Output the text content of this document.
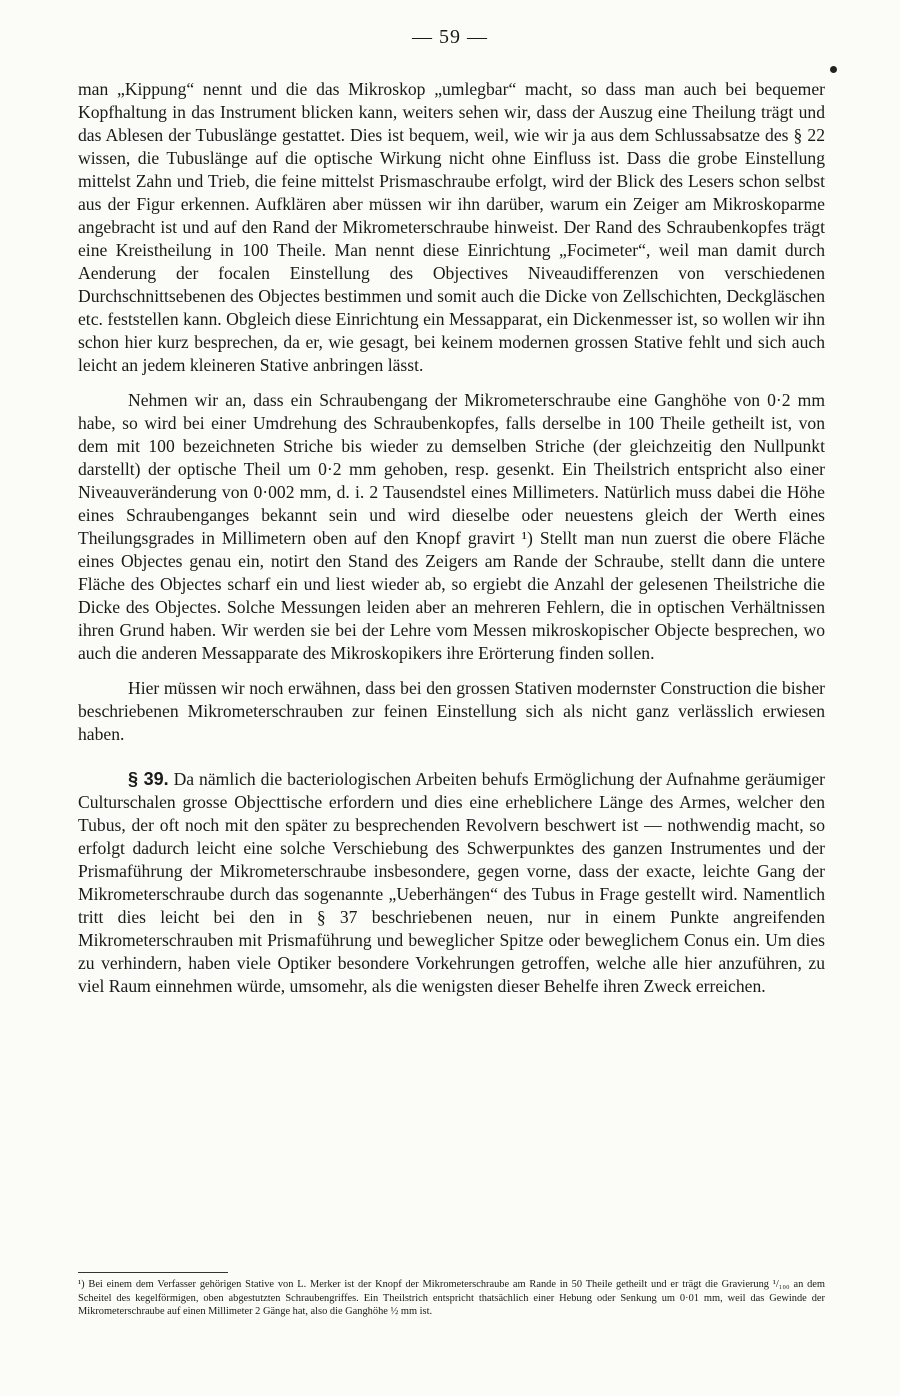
— 59 —

man „Kippung“ nennt und die das Mikroskop „umlegbar“ macht, so dass man auch bei bequemer Kopfhaltung in das Instrument blicken kann, weiters sehen wir, dass der Auszug eine Theilung trägt und das Ablesen der Tubuslänge gestattet. Dies ist bequem, weil, wie wir ja aus dem Schlussabsatze des § 22 wissen, die Tubuslänge auf die optische Wirkung nicht ohne Einfluss ist. Dass die grobe Einstellung mittelst Zahn und Trieb, die feine mittelst Prismaschraube erfolgt, wird der Blick des Lesers schon selbst aus der Figur erkennen. Aufklären aber müssen wir ihn darüber, warum ein Zeiger am Mikroskoparme angebracht ist und auf den Rand der Mikrometerschraube hinweist. Der Rand des Schraubenkopfes trägt eine Kreistheilung in 100 Theile. Man nennt diese Einrichtung „Focimeter“, weil man damit durch Aenderung der focalen Einstellung des Objectives Niveaudifferenzen von verschiedenen Durchschnittsebenen des Objectes bestimmen und somit auch die Dicke von Zellschichten, Deckgläschen etc. feststellen kann. Obgleich diese Einrichtung ein Messapparat, ein Dickenmesser ist, so wollen wir ihn schon hier kurz besprechen, da er, wie gesagt, bei keinem modernen grossen Stative fehlt und sich auch leicht an jedem kleineren Stative anbringen lässt.

Nehmen wir an, dass ein Schraubengang der Mikrometerschraube eine Ganghöhe von 0·2 mm habe, so wird bei einer Umdrehung des Schraubenkopfes, falls derselbe in 100 Theile getheilt ist, von dem mit 100 bezeichneten Striche bis wieder zu demselben Striche (der gleichzeitig den Nullpunkt darstellt) der optische Theil um 0·2 mm gehoben, resp. gesenkt. Ein Theilstrich entspricht also einer Niveauveränderung von 0·002 mm, d. i. 2 Tausendstel eines Millimeters. Natürlich muss dabei die Höhe eines Schraubenganges bekannt sein und wird dieselbe oder neuestens gleich der Werth eines Theilungsgrades in Millimetern oben auf den Knopf gravirt ¹) Stellt man nun zuerst die obere Fläche eines Objectes genau ein, notirt den Stand des Zeigers am Rande der Schraube, stellt dann die untere Fläche des Objectes scharf ein und liest wieder ab, so ergiebt die Anzahl der gelesenen Theilstriche die Dicke des Objectes. Solche Messungen leiden aber an mehreren Fehlern, die in optischen Verhältnissen ihren Grund haben. Wir werden sie bei der Lehre vom Messen mikroskopischer Objecte besprechen, wo auch die anderen Messapparate des Mikroskopikers ihre Erörterung finden sollen.

Hier müssen wir noch erwähnen, dass bei den grossen Stativen modernster Construction die bisher beschriebenen Mikrometerschrauben zur feinen Einstellung sich als nicht ganz verlässlich erwiesen haben.

§ 39. Da nämlich die bacteriologischen Arbeiten behufs Ermöglichung der Aufnahme geräumiger Culturschalen grosse Objecttische erfordern und dies eine erheblichere Länge des Armes, welcher den Tubus, der oft noch mit den später zu besprechenden Revolvern beschwert ist — nothwendig macht, so erfolgt dadurch leicht eine solche Verschiebung des Schwerpunktes des ganzen Instrumentes und der Prismaführung der Mikrometerschraube insbesondere, gegen vorne, dass der exacte, leichte Gang der Mikrometerschraube durch das sogenannte „Ueberhängen“ des Tubus in Frage gestellt wird. Namentlich tritt dies leicht bei den in § 37 beschriebenen neuen, nur in einem Punkte angreifenden Mikrometerschrauben mit Prismaführung und beweglicher Spitze oder beweglichem Conus ein. Um dies zu verhindern, haben viele Optiker besondere Vorkehrungen getroffen, welche alle hier anzuführen, zu viel Raum einnehmen würde, umsomehr, als die wenigsten dieser Behelfe ihren Zweck erreichen.

¹) Bei einem dem Verfasser gehörigen Stative von L. Merker ist der Knopf der Mikrometerschraube am Rande in 50 Theile getheilt und er trägt die Gravierung ¹/₁₀₀ an dem Scheitel des kegelförmigen, oben abgestutzten Schraubengriffes. Ein Theilstrich entspricht thatsächlich einer Hebung oder Senkung um 0·01 mm, weil das Gewinde der Mikrometerschraube auf einen Millimeter 2 Gänge hat, also die Ganghöhe ½ mm ist.
